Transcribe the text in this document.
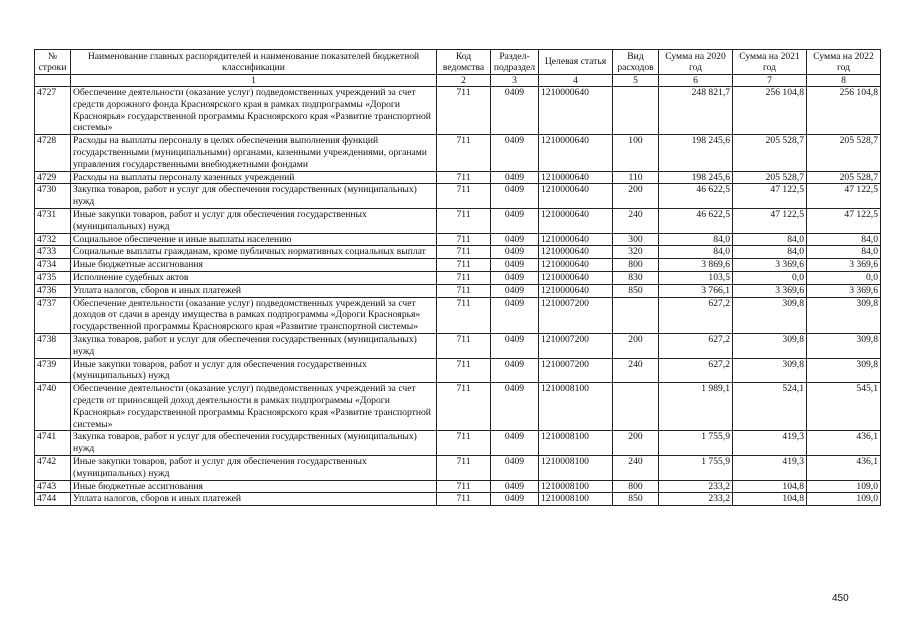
№ строки	Наименование главных распорядителей и наименование показателей бюджетной классификации	Код ведомства	Раздел-подраздел	Целевая статья	Вид расходов	Сумма на 2020 год	Сумма на 2021 год	Сумма на 2022 год
	1	2	3	4	5	6	7	8
4727	Обеспечение деятельности (оказание услуг) подведомственных учреждений за счет средств дорожного фонда Красноярского края в рамках подпрограммы «Дороги Красноярья» государственной программы Красноярского края «Развитие транспортной системы»	711	0409	1210000640		248 821,7	256 104,8	256 104,8
4728	Расходы на выплаты персоналу в целях обеспечения выполнения функций государственными (муниципальными) органами, казенными учреждениями, органами управления государственными внебюджетными фондами	711	0409	1210000640	100	198 245,6	205 528,7	205 528,7
4729	Расходы на выплаты персоналу казенных учреждений	711	0409	1210000640	110	198 245,6	205 528,7	205 528,7
4730	Закупка товаров, работ и услуг для обеспечения государственных (муниципальных) нужд	711	0409	1210000640	200	46 622,5	47 122,5	47 122,5
4731	Иные закупки товаров, работ и услуг для обеспечения государственных (муниципальных) нужд	711	0409	1210000640	240	46 622,5	47 122,5	47 122,5
4732	Социальное обеспечение и иные выплаты населению	711	0409	1210000640	300	84,0	84,0	84,0
4733	Социальные выплаты гражданам, кроме публичных нормативных социальных выплат	711	0409	1210000640	320	84,0	84,0	84,0
4734	Иные бюджетные ассигнования	711	0409	1210000640	800	3 869,6	3 369,6	3 369,6
4735	Исполнение судебных актов	711	0409	1210000640	830	103,5	0,0	0,0
4736	Уплата налогов, сборов и иных платежей	711	0409	1210000640	850	3 766,1	3 369,6	3 369,6
4737	Обеспечение деятельности (оказание услуг) подведомственных учреждений за счет доходов от сдачи в аренду имущества в рамках подпрограммы «Дороги Красноярья» государственной программы Красноярского края «Развитие транспортной системы»	711	0409	1210007200		627,2	309,8	309,8
4738	Закупка товаров, работ и услуг для обеспечения государственных (муниципальных) нужд	711	0409	1210007200	200	627,2	309,8	309,8
4739	Иные закупки товаров, работ и услуг для обеспечения государственных (муниципальных) нужд	711	0409	1210007200	240	627,2	309,8	309,8
4740	Обеспечение деятельности (оказание услуг) подведомственных учреждений за счет средств от приносящей доход деятельности в рамках подпрограммы «Дороги Красноярья» государственной программы Красноярского края «Развитие транспортной системы»	711	0409	1210008100		1 989,1	524,1	545,1
4741	Закупка товаров, работ и услуг для обеспечения государственных (муниципальных) нужд	711	0409	1210008100	200	1 755,9	419,3	436,1
4742	Иные закупки товаров, работ и услуг для обеспечения государственных (муниципальных) нужд	711	0409	1210008100	240	1 755,9	419,3	436,1
4743	Иные бюджетные ассигнования	711	0409	1210008100	800	233,2	104,8	109,0
4744	Уплата налогов, сборов и иных платежей	711	0409	1210008100	850	233,2	104,8	109,0
450
